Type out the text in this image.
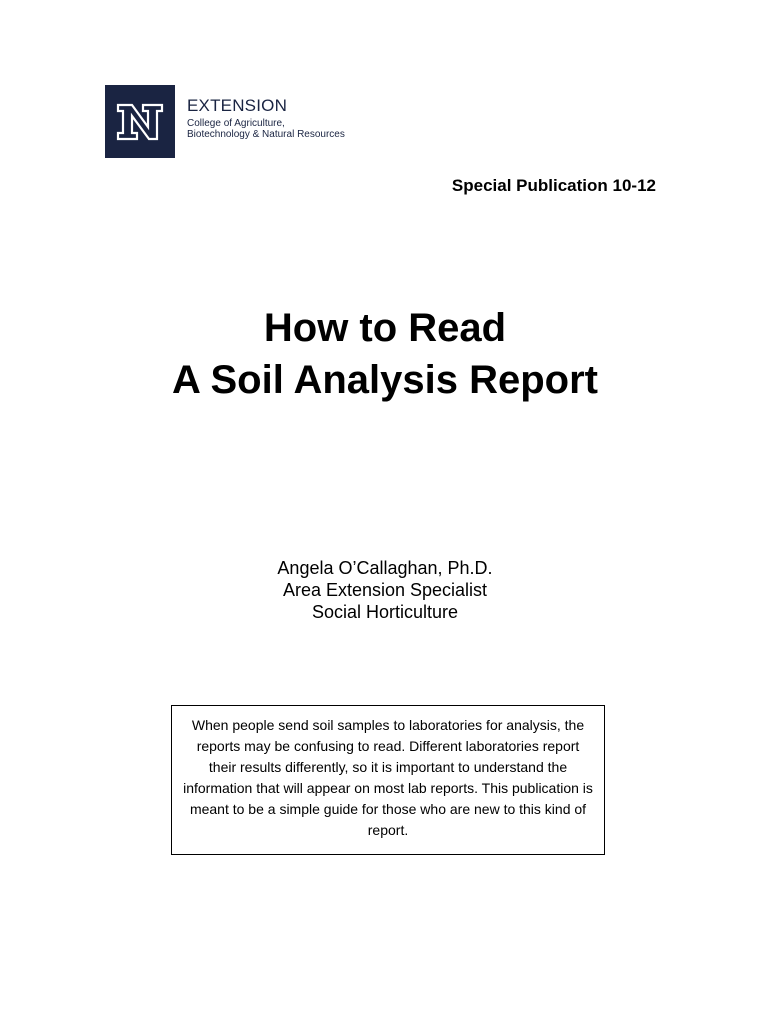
EXTENSION
College of Agriculture,
Biotechnology & Natural Resources
Special Publication 10-12
How to Read
A Soil Analysis Report
Angela O’Callaghan, Ph.D.
Area Extension Specialist
Social Horticulture
When people send soil samples to laboratories for analysis, the reports may be confusing to read. Different laboratories report their results differently, so it is important to understand the information that will appear on most lab reports. This publication is meant to be a simple guide for those who are new to this kind of report.
